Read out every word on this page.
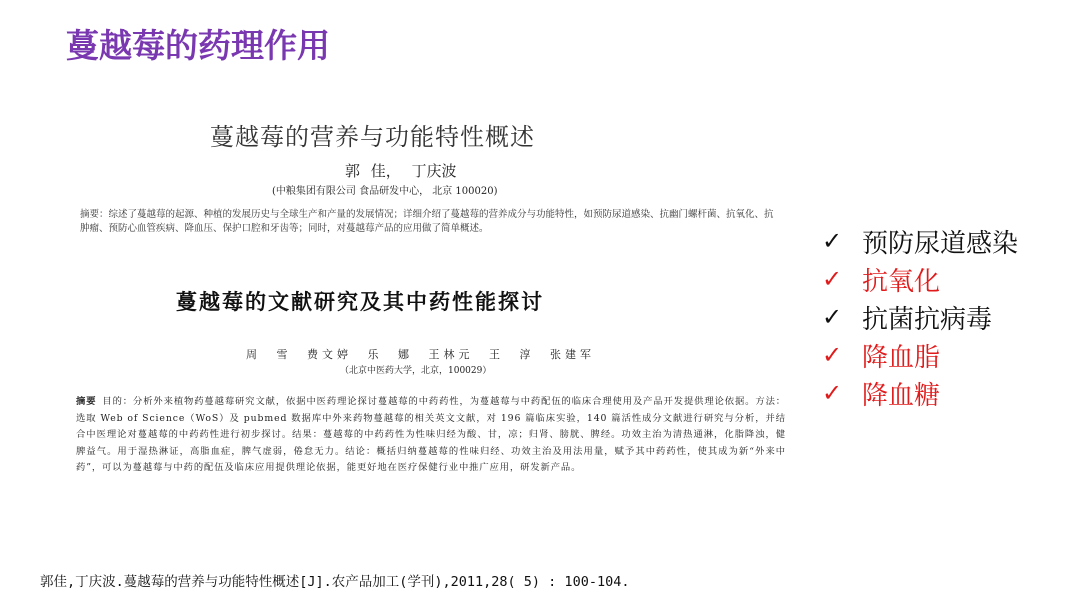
蔓越莓的药理作用
蔓越莓的营养与功能特性概述
郭 佳， 丁庆波
(中粮集团有限公司 食品研发中心， 北京 100020)
摘要：综述了蔓越莓的起源、种植的发展历史与全球生产和产量的发展情况；详细介绍了蔓越莓的营养成分与功能特性，如预防尿道感染、抗幽门螺杆菌、抗氧化、抗肿瘤、预防心血管疾病、降血压、保护口腔和牙齿等；同时，对蔓越莓产品的应用做了简单概述。
蔓越莓的文献研究及其中药性能探讨
周 雪 费文婷 乐 娜 王林元 王 淳 张建军
（北京中医药大学，北京，100029）
摘要 目的：分析外来植物药蔓越莓研究文献，依据中医药理论探讨蔓越莓的中药药性，为蔓越莓与中药配伍的临床合理使用及产品开发提供理论依据。方法：选取 Web of Science（WoS）及 pubmed 数据库中外来药物蔓越莓的相关英文文献，对 196 篇临床实验，140 篇活性成分文献进行研究与分析，并结合中医理论对蔓越莓的中药药性进行初步探讨。结果：蔓越莓的中药药性为性味归经为酸、甘，凉；归肾、膀胱、脾经。功效主治为清热通淋，化脂降浊，健脾益气。用于湿热淋证，高脂血症，脾气虚弱，倦怠无力。结论：概括归纳蔓越莓的性味归经、功效主治及用法用量，赋予其中药药性，使其成为新“外来中药”，可以为蔓越莓与中药的配伍及临床应用提供理论依据，能更好地在医疗保健行业中推广应用，研发新产品。
✓ 预防尿道感染
✓ 抗氧化
✓ 抗菌抗病毒
✓ 降血脂
✓ 降血糖
郭佳,丁庆波.蔓越莓的营养与功能特性概述[J].农产品加工(学刊),2011,28( 5) : 100-104.
